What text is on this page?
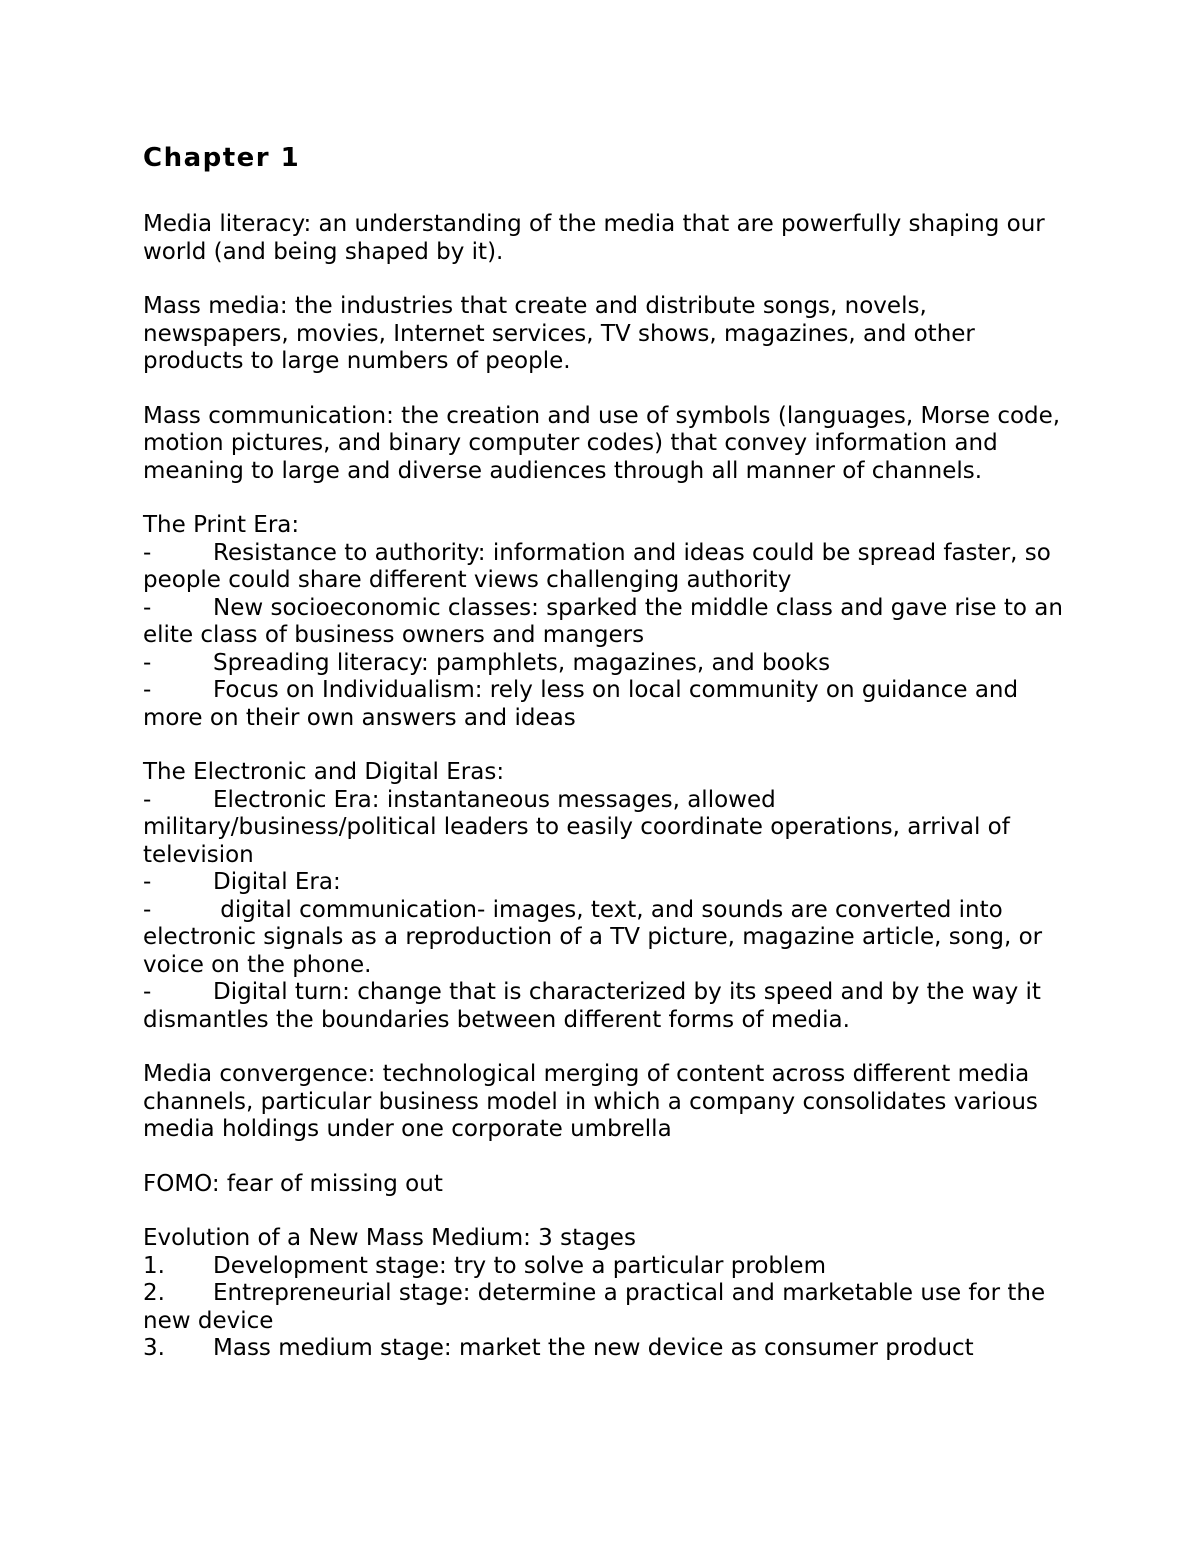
Chapter 1
Media literacy: an understanding of the media that are powerfully shaping our world (and being shaped by it).
Mass media: the industries that create and distribute songs, novels, newspapers, movies, Internet services, TV shows, magazines, and other products to large numbers of people.
Mass communication: the creation and use of symbols (languages, Morse code, motion pictures, and binary computer codes) that convey information and meaning to large and diverse audiences through all manner of channels.
The Print Era:
-	Resistance to authority: information and ideas could be spread faster, so people could share different views challenging authority
-	New socioeconomic classes: sparked the middle class and gave rise to an elite class of business owners and mangers
-	Spreading literacy: pamphlets, magazines, and books
-	Focus on Individualism: rely less on local community on guidance and more on their own answers and ideas
The Electronic and Digital Eras:
-	Electronic Era: instantaneous messages, allowed military/business/political leaders to easily coordinate operations, arrival of television
-	Digital Era:
-	digital communication- images, text, and sounds are converted into electronic signals as a reproduction of a TV picture, magazine article, song, or voice on the phone.
-	Digital turn: change that is characterized by its speed and by the way it dismantles the boundaries between different forms of media.
Media convergence: technological merging of content across different media channels, particular business model in which a company consolidates various media holdings under one corporate umbrella
FOMO: fear of missing out
Evolution of a New Mass Medium: 3 stages
1. Development stage: try to solve a particular problem
2. Entrepreneurial stage: determine a practical and marketable use for the new device
3. Mass medium stage: market the new device as consumer product
